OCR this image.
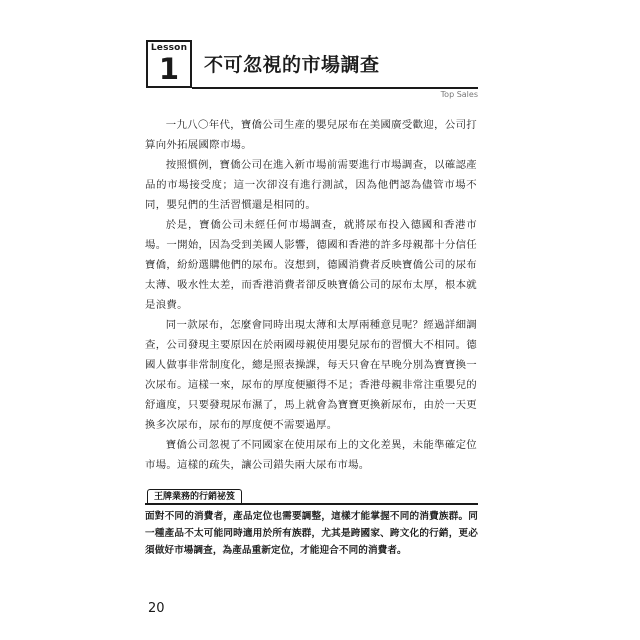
Lesson
1	不可忽視的市場調查
Top Sales

一九八〇年代，寶僑公司生產的嬰兒尿布在美國廣受歡迎，公司打算向外拓展國際市場。

按照慣例，寶僑公司在進入新市場前需要進行市場調查，以確認產品的市場接受度；這一次卻沒有進行測試，因為他們認為儘管市場不同，嬰兒們的生活習慣還是相同的。

於是，寶僑公司未經任何市場調查，就將尿布投入德國和香港市場。一開始，因為受到美國人影響，德國和香港的許多母親都十分信任寶僑，紛紛選購他們的尿布。沒想到，德國消費者反映寶僑公司的尿布太薄、吸水性太差，而香港消費者卻反映寶僑公司的尿布太厚，根本就是浪費。

同一款尿布，怎麼會同時出現太薄和太厚兩種意見呢？經過詳細調查，公司發現主要原因在於兩國母親使用嬰兒尿布的習慣大不相同。德國人做事非常制度化，總是照表操課，每天只會在早晚分別為寶寶換一次尿布。這樣一來，尿布的厚度便顯得不足；香港母親非常注重嬰兒的舒適度，只要發現尿布濕了，馬上就會為寶寶更換新尿布，由於一天更換多次尿布，尿布的厚度便不需要過厚。

寶僑公司忽視了不同國家在使用尿布上的文化差異，未能準確定位市場。這樣的疏失，讓公司錯失兩大尿布市場。

王牌業務的行銷祕笈
面對不同的消費者，產品定位也需要調整，這樣才能掌握不同的消費族群。同一種產品不太可能同時適用於所有族群，尤其是跨國家、跨文化的行銷，更必須做好市場調查，為產品重新定位，才能迎合不同的消費者。
20
